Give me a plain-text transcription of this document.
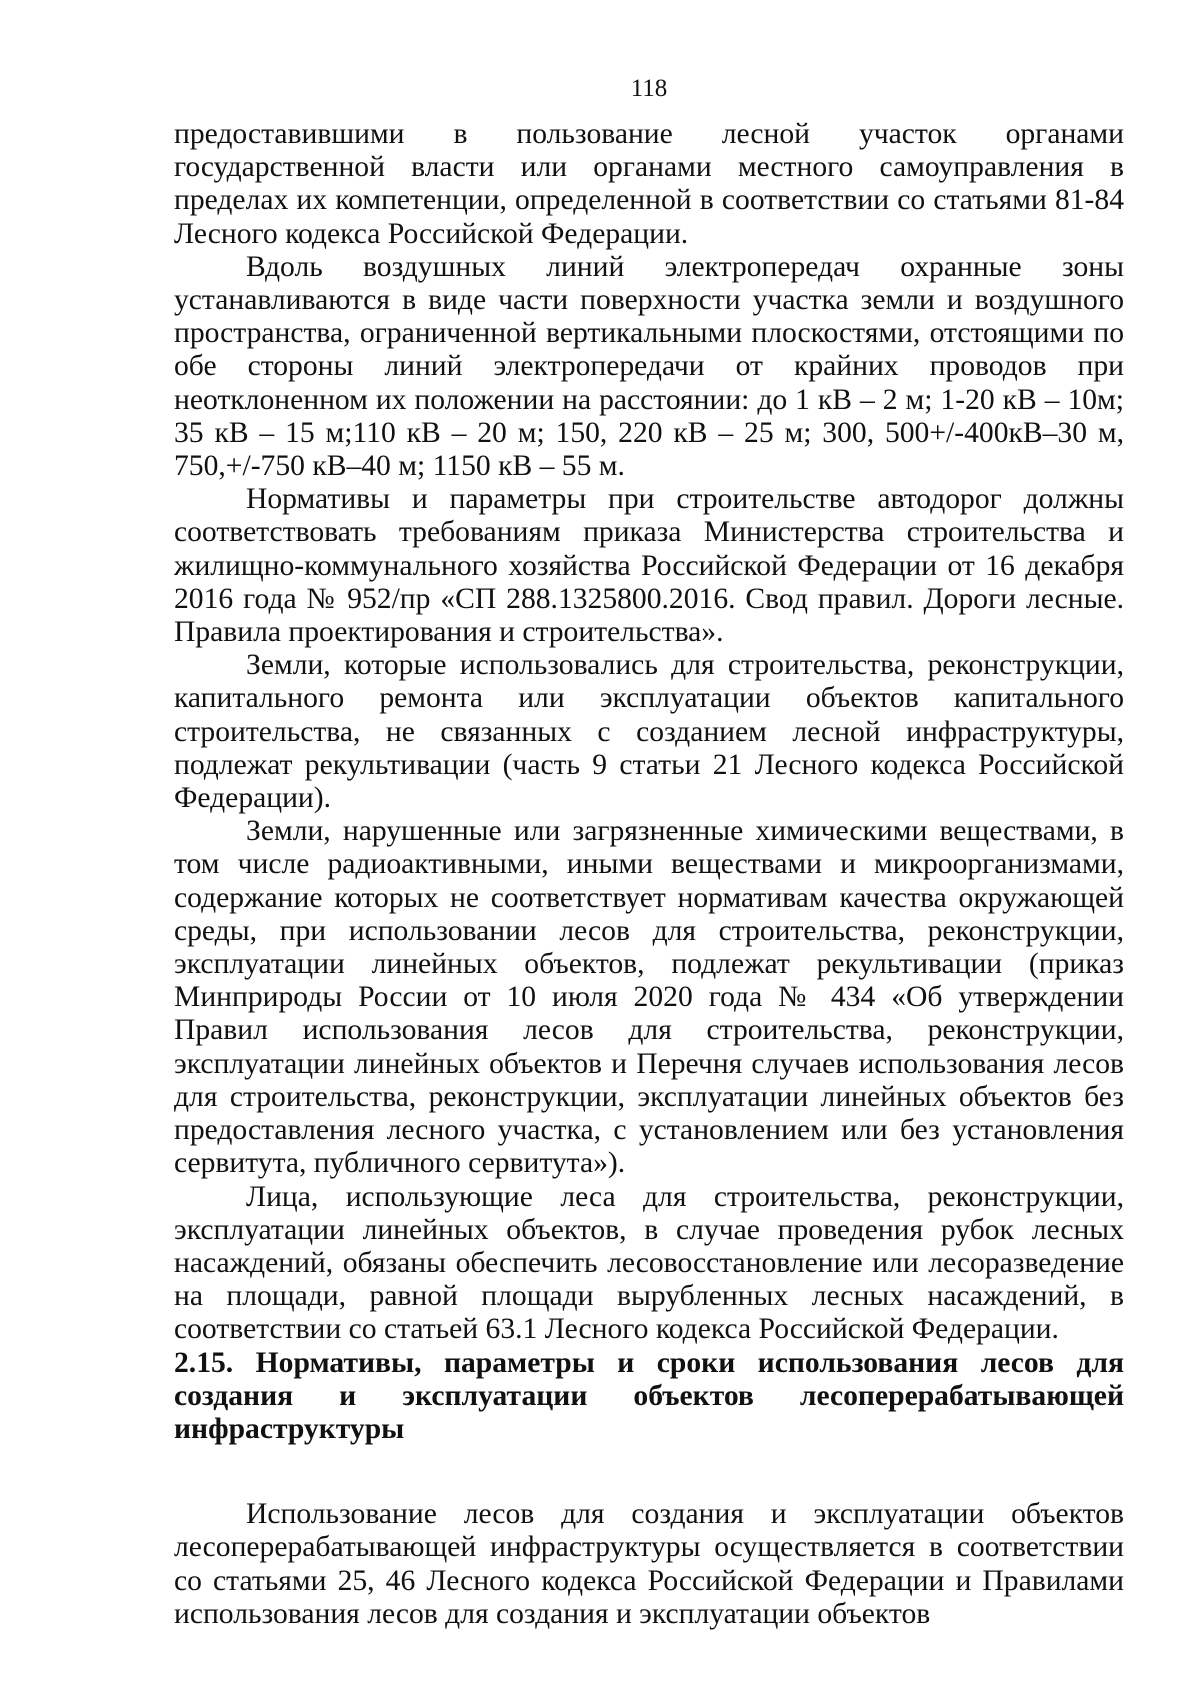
118

предоставившими в пользование лесной участок органами государственной власти или органами местного самоуправления в пределах их компетенции, определенной в соответствии со статьями 81-84 Лесного кодекса Российской Федерации.

Вдоль воздушных линий электропередач охранные зоны устанавливаются в виде части поверхности участка земли и воздушного пространства, ограниченной вертикальными плоскостями, отстоящими по обе стороны линий электропередачи от крайних проводов при неотклоненном их положении на расстоянии: до 1 кВ – 2 м; 1-20 кВ – 10м; 35 кВ – 15 м;110 кВ – 20 м; 150, 220 кВ – 25 м; 300, 500+/-400кВ–30 м, 750,+/-750 кВ–40 м; 1150 кВ – 55 м.

Нормативы и параметры при строительстве автодорог должны соответствовать требованиям приказа Министерства строительства и жилищно-коммунального хозяйства Российской Федерации от 16 декабря 2016 года № 952/пр «СП 288.1325800.2016. Свод правил. Дороги лесные. Правила проектирования и строительства».

Земли, которые использовались для строительства, реконструкции, капитального ремонта или эксплуатации объектов капитального строительства, не связанных с созданием лесной инфраструктуры, подлежат рекультивации (часть 9 статьи 21 Лесного кодекса Российской Федерации).

Земли, нарушенные или загрязненные химическими веществами, в том числе радиоактивными, иными веществами и микроорганизмами, содержание которых не соответствует нормативам качества окружающей среды, при использовании лесов для строительства, реконструкции, эксплуатации линейных объектов, подлежат рекультивации (приказ Минприроды России от 10 июля 2020 года № 434 «Об утверждении Правил использования лесов для строительства, реконструкции, эксплуатации линейных объектов и Перечня случаев использования лесов для строительства, реконструкции, эксплуатации линейных объектов без предоставления лесного участка, с установлением или без установления сервитута, публичного сервитута»).

Лица, использующие леса для строительства, реконструкции, эксплуатации линейных объектов, в случае проведения рубок лесных насаждений, обязаны обеспечить лесовосстановление или лесоразведение на площади, равной площади вырубленных лесных насаждений, в соответствии со статьей 63.1 Лесного кодекса Российской Федерации.

2.15. Нормативы, параметры и сроки использования лесов для создания и эксплуатации объектов лесоперерабатывающей инфраструктуры

Использование лесов для создания и эксплуатации объектов лесоперерабатывающей инфраструктуры осуществляется в соответствии со статьями 25, 46 Лесного кодекса Российской Федерации и Правилами использования лесов для создания и эксплуатации объектов
